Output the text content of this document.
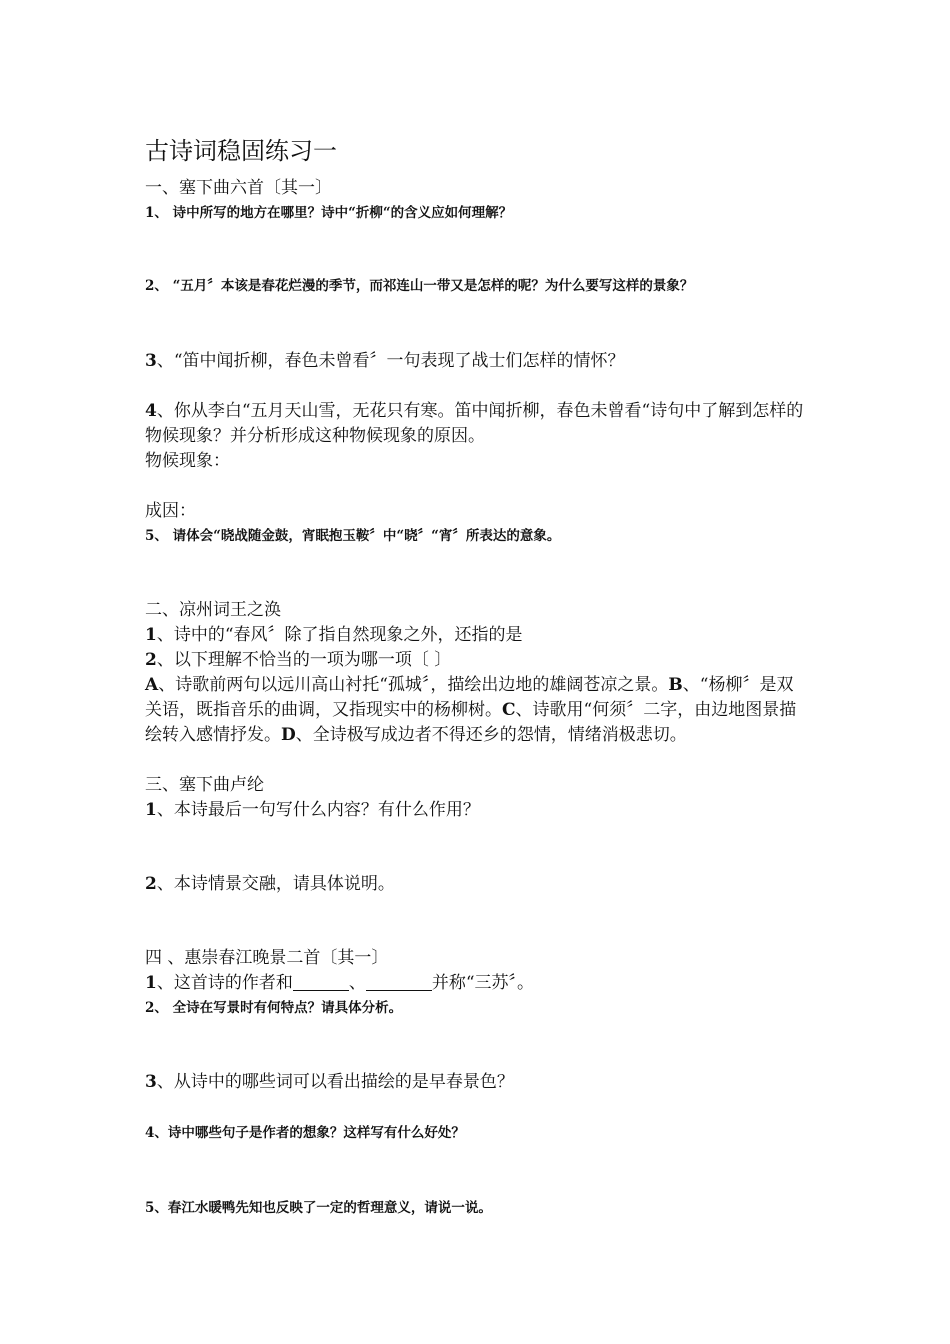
古诗词稳固练习一
一、塞下曲六首〔其一〕
1、 诗中所写的地方在哪里？诗中“折柳“的含义应如何理解？
2、 “五月〞本该是春花烂漫的季节，而祁连山一带又是怎样的呢？为什么要写这样的景象？
3、“笛中闻折柳，春色未曾看〞一句表现了战士们怎样的情怀？
4、你从李白“五月天山雪，无花只有寒。笛中闻折柳，春色未曾看“诗句中了解到怎样的物候现象？并分析形成这种物候现象的原因。
物候现象：
成因：
5、 请体会“晓战随金鼓，宵眠抱玉鞍〞中“晓〞“宵〞所表达的意象。
二、凉州词王之涣
1、诗中的“春风〞除了指自然现象之外，还指的是
2、以下理解不恰当的一项为哪一项〔 〕
A、诗歌前两句以远川高山衬托“孤城〞，描绘出边地的雄阔苍凉之景。B、“杨柳〞是双关语，既指音乐的曲调，又指现实中的杨柳树。C、诗歌用“何须〞二字，由边地图景描绘转入感情抒发。D、全诗极写成边者不得还乡的怨情，情绪消极悲切。
三、塞下曲卢纶
1、本诗最后一句写什么内容？有什么作用？
2、本诗情景交融，请具体说明。
四 、惠崇春江晚景二首〔其一〕
1、这首诗的作者和	、	并称“三苏〞。
2、 全诗在写景时有何特点？请具体分析。
3、从诗中的哪些词可以看出描绘的是早春景色？
4、诗中哪些句子是作者的想象？这样写有什么好处？
5、春江水暖鸭先知也反映了一定的哲理意义，请说一说。
